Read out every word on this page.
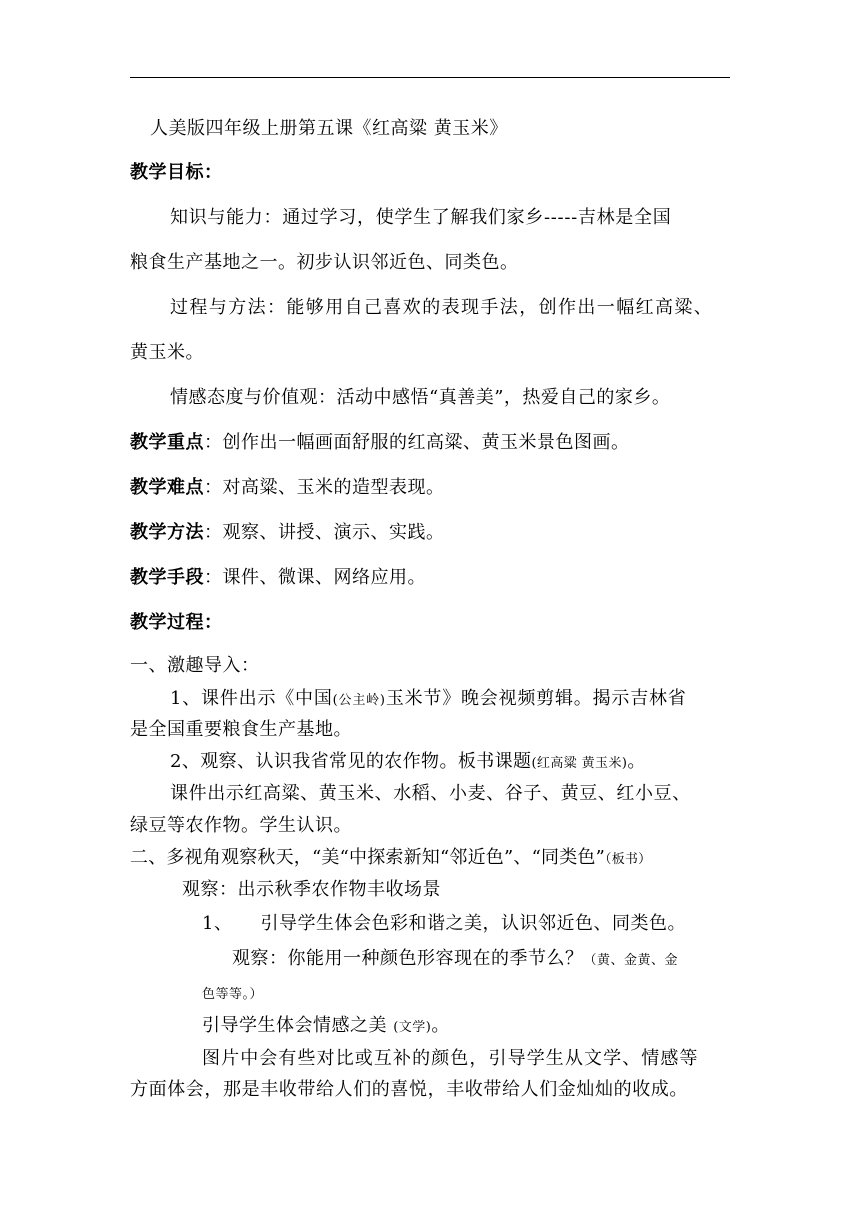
人美版四年级上册第五课《红高粱 黄玉米》
教学目标：
知识与能力：通过学习，使学生了解我们家乡-----吉林是全国
粮食生产基地之一。初步认识邻近色、同类色。
过程与方法：能够用自己喜欢的表现手法，创作出一幅红高粱、
黄玉米。
情感态度与价值观：活动中感悟“真善美”，热爱自己的家乡。
教学重点：创作出一幅画面舒服的红高粱、黄玉米景色图画。
教学难点：对高粱、玉米的造型表现。
教学方法：观察、讲授、演示、实践。
教学手段：课件、微课、网络应用。
教学过程：
一、激趣导入：
1、课件出示《中国(公主岭)玉米节》晚会视频剪辑。揭示吉林省
是全国重要粮食生产基地。
2、观察、认识我省常见的农作物。板书课题(红高粱 黄玉米)。
课件出示红高粱、黄玉米、水稻、小麦、谷子、黄豆、红小豆、
绿豆等农作物。学生认识。
二、多视角观察秋天，“美“中探索新知“邻近色”、“同类色”（板书）
观察：出示秋季农作物丰收场景
1、 引导学生体会色彩和谐之美，认识邻近色、同类色。
观察：你能用一种颜色形容现在的季节么？（黄、金黄、金
色等等。）
引导学生体会情感之美 (文学)。
图片中会有些对比或互补的颜色，引导学生从文学、情感等
方面体会，那是丰收带给人们的喜悦，丰收带给人们金灿灿的收成。
